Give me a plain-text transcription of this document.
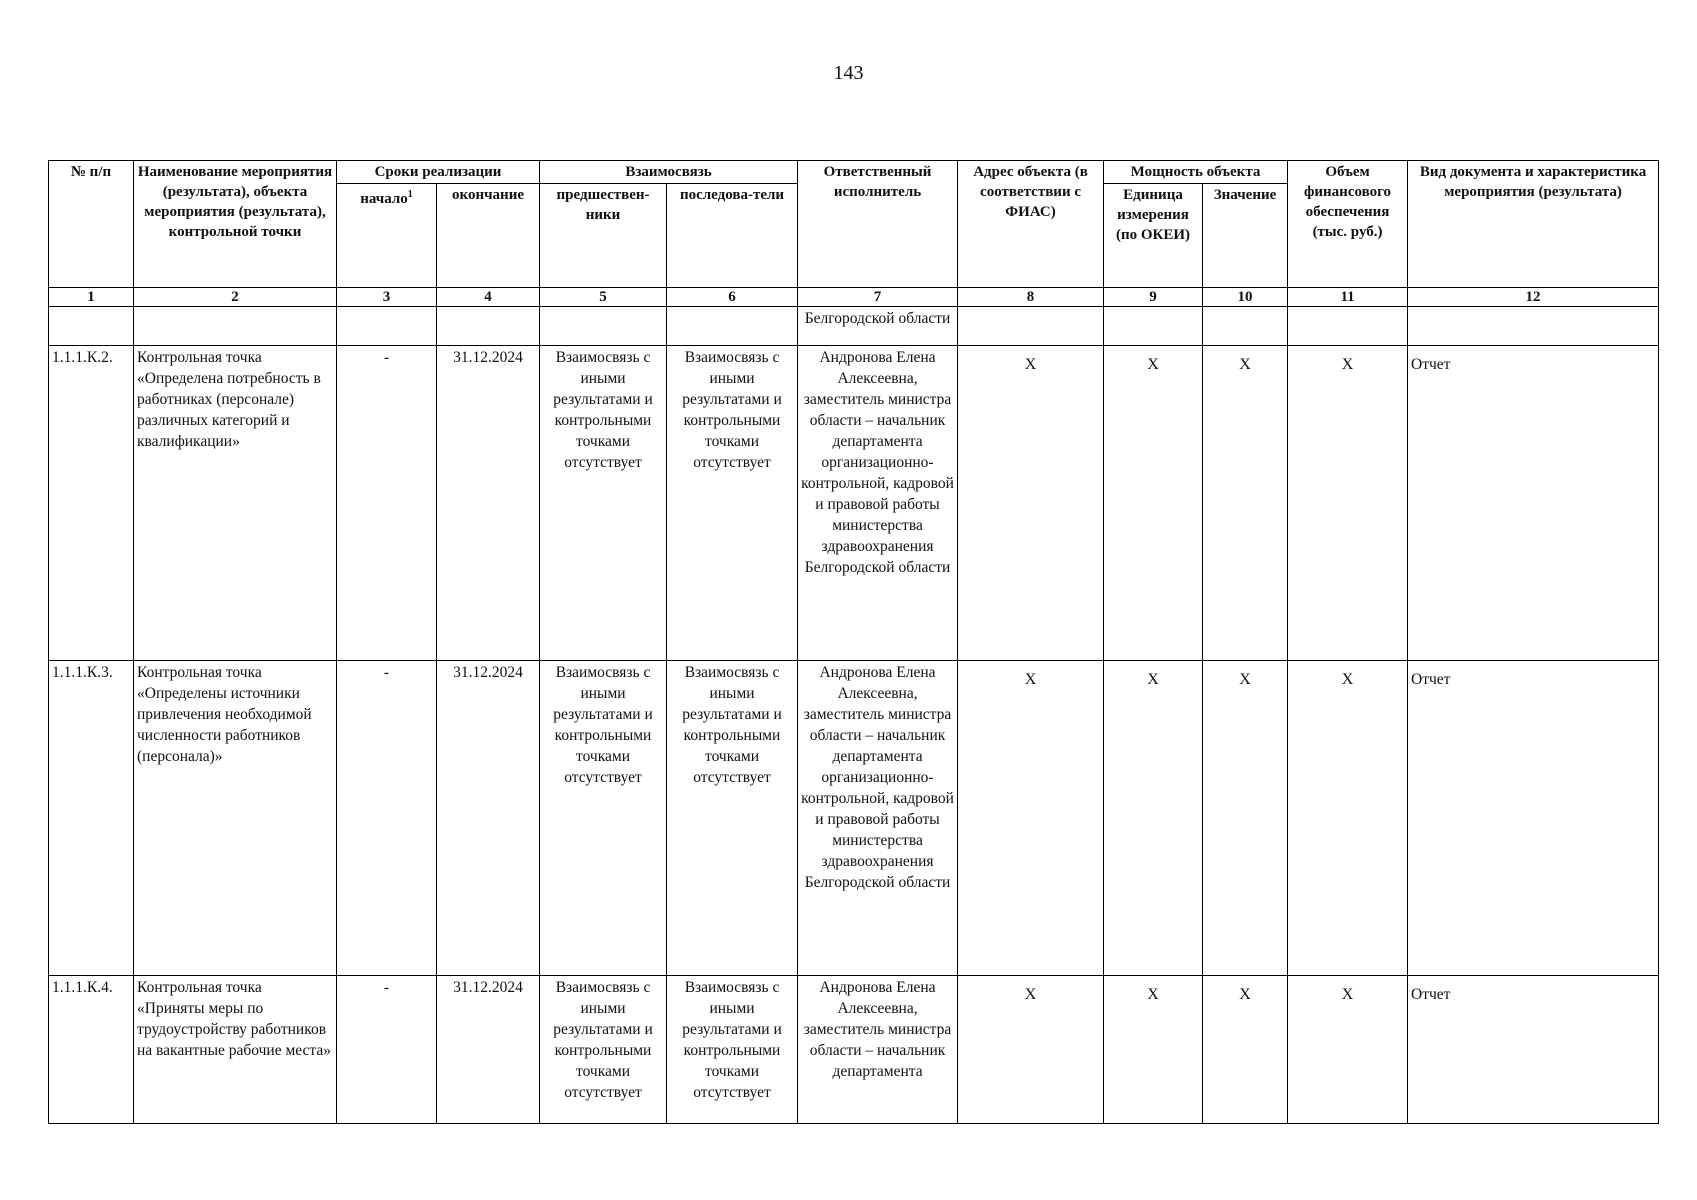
143
№ п/п	Наименование мероприятия (результата), объекта мероприятия (результата), контрольной точки	Сроки реализации		Взаимосвязь		Ответственный исполнитель	Адрес объекта (в соответствии с ФИАС)	Мощность объекта		Объем финансового обеспечения (тыс. руб.)	Вид документа и характеристика мероприятия (результата)
		начало$^1$	окончание	предшествен-ники	последова-тели			Единица измерения (по ОКЕИ)	Значение		
1	2	3	4	5	6	7	8	9	10	11	12
						Белгородской области					
1.1.1.К.2.	Контрольная точка «Определена потребность в работниках (персонале) различных категорий и квалификации»	-	31.12.2024	Взаимосвязь с иными результатами и контрольными точками отсутствует	Взаимосвязь с иными результатами и контрольными точками отсутствует	Андронова Елена Алексеевна, заместитель министра области – начальник департамента организационно-контрольной, кадровой и правовой работы министерства здравоохранения Белгородской области	Х	Х	Х	Х	Отчет
1.1.1.К.3.	Контрольная точка «Определены источники привлечения необходимой численности работников (персонала)»	-	31.12.2024	Взаимосвязь с иными результатами и контрольными точками отсутствует	Взаимосвязь с иными результатами и контрольными точками отсутствует	Андронова Елена Алексеевна, заместитель министра области – начальник департамента организационно-контрольной, кадровой и правовой работы министерства здравоохранения Белгородской области	Х	Х	Х	Х	Отчет
1.1.1.К.4.	Контрольная точка «Приняты меры по трудоустройству работников на вакантные рабочие места»	-	31.12.2024	Взаимосвязь с иными результатами и контрольными точками отсутствует	Взаимосвязь с иными результатами и контрольными точками отсутствует	Андронова Елена Алексеевна, заместитель министра области – начальник департамента	Х	Х	Х	Х	Отчет
